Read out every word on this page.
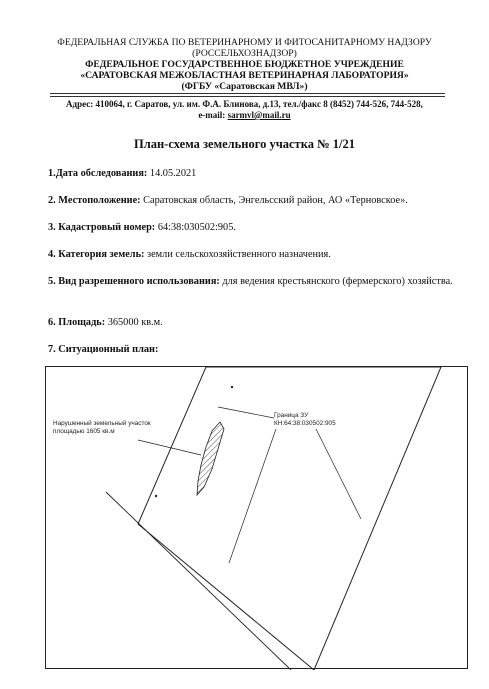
ФЕДЕРАЛЬНАЯ СЛУЖБА ПО ВЕТЕРИНАРНОМУ И ФИТОСАНИТАРНОМУ НАДЗОРУ
(РОССЕЛЬХОЗНАДЗОР)
ФЕДЕРАЛЬНОЕ ГОСУДАРСТВЕННОЕ БЮДЖЕТНОЕ УЧРЕЖДЕНИЕ
«САРАТОВСКАЯ МЕЖОБЛАСТНАЯ ВЕТЕРИНАРНАЯ ЛАБОРАТОРИЯ»
(ФГБУ «Саратовская МВЛ»)
Адрес: 410064, г. Саратов, ул. им. Ф.А. Блинова, д.13, тел./факс 8 (8452) 744-526, 744-528,
e-mail: sarmvl@mail.ru
План-схема земельного участка № 1/21
1.Дата обследования: 14.05.2021
2. Местоположение: Саратовская область, Энгельсский район, АО «Терновское».
3. Кадастровый номер: 64:38:030502:905.
4. Категория земель: земли сельскохозяйственного назначения.
5. Вид разрешенного использования: для ведения крестьянского (фермерского) хозяйства.
6. Площадь: 365000 кв.м.
7. Ситуационный план:
Нарушенный земельный участок площадью 1605 кв.м
Граница ЗУ
КН:64:38:030502:905
